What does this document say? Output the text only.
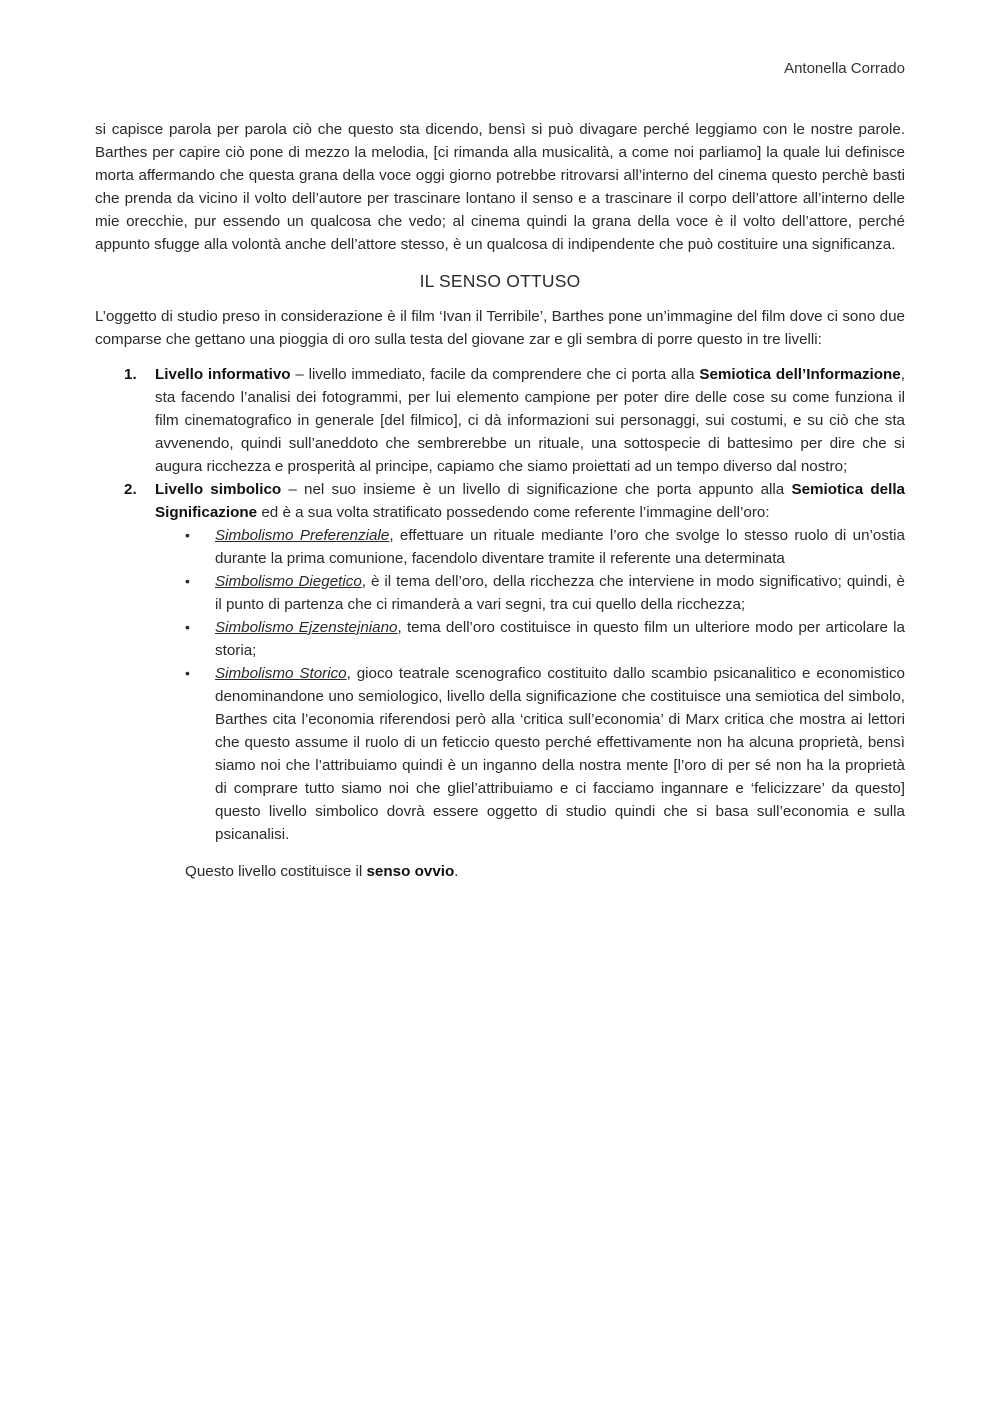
Antonella Corrado

si capisce parola per parola ciò che questo sta dicendo, bensì si può divagare perché leggiamo con le nostre parole. Barthes per capire ciò pone di mezzo la melodia, [ci rimanda alla musicalità, a come noi parliamo] la quale lui definisce morta affermando che questa grana della voce oggi giorno potrebbe ritrovarsi all’interno del cinema questo perchè basti che prenda da vicino il volto dell’autore per trascinare lontano il senso e a trascinare il corpo dell’attore all’interno delle mie orecchie, pur essendo un qualcosa che vedo; al cinema quindi la grana della voce è il volto dell’attore, perché appunto sfugge alla volontà anche dell’attore stesso, è un qualcosa di indipendente che può costituire una significanza.

IL SENSO OTTUSO

L’oggetto di studio preso in considerazione è il film ‘Ivan il Terribile’, Barthes pone un’immagine del film dove ci sono due comparse che gettano una pioggia di oro sulla testa del giovane zar e gli sembra di porre questo in tre livelli:

1. Livello informativo – livello immediato, facile da comprendere che ci porta alla Semiotica dell’Informazione, sta facendo l’analisi dei fotogrammi, per lui elemento campione per poter dire delle cose su come funziona il film cinematografico in generale [del filmico], ci dà informazioni sui personaggi, sui costumi, e su ciò che sta avvenendo, quindi sull’aneddoto che sembrerebbe un rituale, una sottospecie di battesimo per dire che si augura ricchezza e prosperità al principe, capiamo che siamo proiettati ad un tempo diverso dal nostro;
2. Livello simbolico – nel suo insieme è un livello di significazione che porta appunto alla Semiotica della Significazione ed è a sua volta stratificato possedendo come referente l’immagine dell’oro:
• Simbolismo Preferenziale, effettuare un rituale mediante l’oro che svolge lo stesso ruolo di un’ostia durante la prima comunione, facendolo diventare tramite il referente una determinata
• Simbolismo Diegetico, è il tema dell’oro, della ricchezza che interviene in modo significativo; quindi, è il punto di partenza che ci rimanderà a vari segni, tra cui quello della ricchezza;
• Simbolismo Ejzenstejniano, tema dell’oro costituisce in questo film un ulteriore modo per articolare la storia;
• Simbolismo Storico, gioco teatrale scenografico costituito dallo scambio psicanalitico e economistico denominandone uno semiologico, livello della significazione che costituisce una semiotica del simbolo, Barthes cita l’economia riferendosi però alla ‘critica sull’economia’ di Marx critica che mostra ai lettori che questo assume il ruolo di un feticcio questo perché effettivamente non ha alcuna proprietà, bensì siamo noi che l’attribuiamo quindi è un inganno della nostra mente [l’oro di per sé non ha la proprietà di comprare tutto siamo noi che gliel’attribuiamo e ci facciamo ingannare e ‘felicizzare’ da questo] questo livello simbolico dovrà essere oggetto di studio quindi che si basa sull’economia e sulla psicanalisi.

Questo livello costituisce il senso ovvio.
